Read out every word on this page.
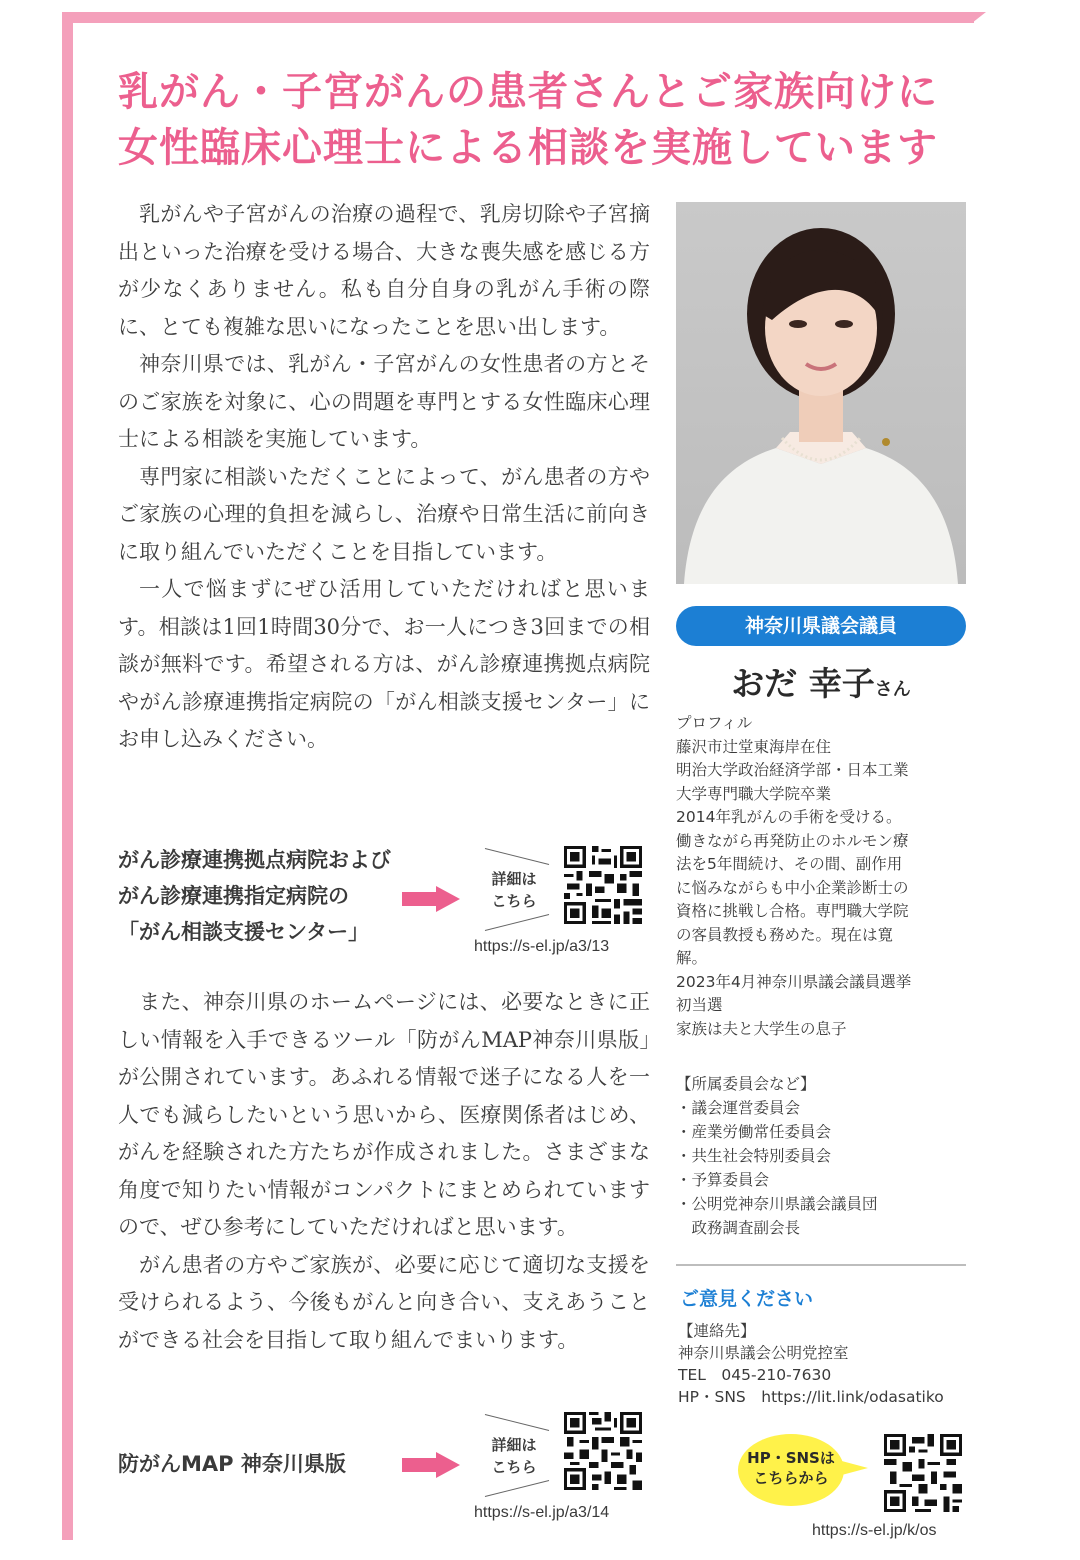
乳がん・子宮がんの患者さんとご家族向けに
女性臨床心理士による相談を実施しています

乳がんや子宮がんの治療の過程で、乳房切除や子宮摘出といった治療を受ける場合、大きな喪失感を感じる方が少なくありません。私も自分自身の乳がん手術の際に、とても複雑な思いになったことを思い出します。

神奈川県では、乳がん・子宮がんの女性患者の方とそのご家族を対象に、心の問題を専門とする女性臨床心理士による相談を実施しています。

専門家に相談いただくことによって、がん患者の方やご家族の心理的負担を減らし、治療や日常生活に前向きに取り組んでいただくことを目指しています。

一人で悩まずにぜひ活用していただければと思います。相談は1回1時間30分で、お一人につき3回までの相談が無料です。希望される方は、がん診療連携拠点病院やがん診療連携指定病院の「がん相談支援センター」にお申し込みください。

がん診療連携拠点病院および
がん診療連携指定病院の
「がん相談支援センター」
詳細は
こちら
https://s-el.jp/a3/13

また、神奈川県のホームページには、必要なときに正しい情報を入手できるツール「防がんMAP神奈川県版」が公開されています。あふれる情報で迷子になる人を一人でも減らしたいという思いから、医療関係者はじめ、がんを経験された方たちが作成されました。さまざまな角度で知りたい情報がコンパクトにまとめられていますので、ぜひ参考にしていただければと思います。

がん患者の方やご家族が、必要に応じて適切な支援を受けられるよう、今後もがんと向き合い、支えあうことができる社会を目指して取り組んでまいります。

防がんMAP 神奈川県版
詳細は
こちら
https://s-el.jp/a3/14
神奈川県議会議員
おだ 幸子さん
プロフィル
藤沢市辻堂東海岸在住
明治大学政治経済学部・日本工業
大学専門職大学院卒業
2014年乳がんの手術を受ける。
働きながら再発防止のホルモン療
法を5年間続け、その間、副作用
に悩みながらも中小企業診断士の
資格に挑戦し合格。専門職大学院
の客員教授も務めた。現在は寛
解。
2023年4月神奈川県議会議員選挙
初当選
家族は夫と大学生の息子
【所属委員会など】
・議会運営委員会
・産業労働常任委員会
・共生社会特別委員会
・予算委員会
・公明党神奈川県議会議員団
　政務調査副会長
ご意見ください
【連絡先】
神奈川県議会公明党控室
TEL　045-210-7630
HP・SNS　https://lit.link/odasatiko
HP・SNSは
こちらから
https://s-el.jp/k/os
